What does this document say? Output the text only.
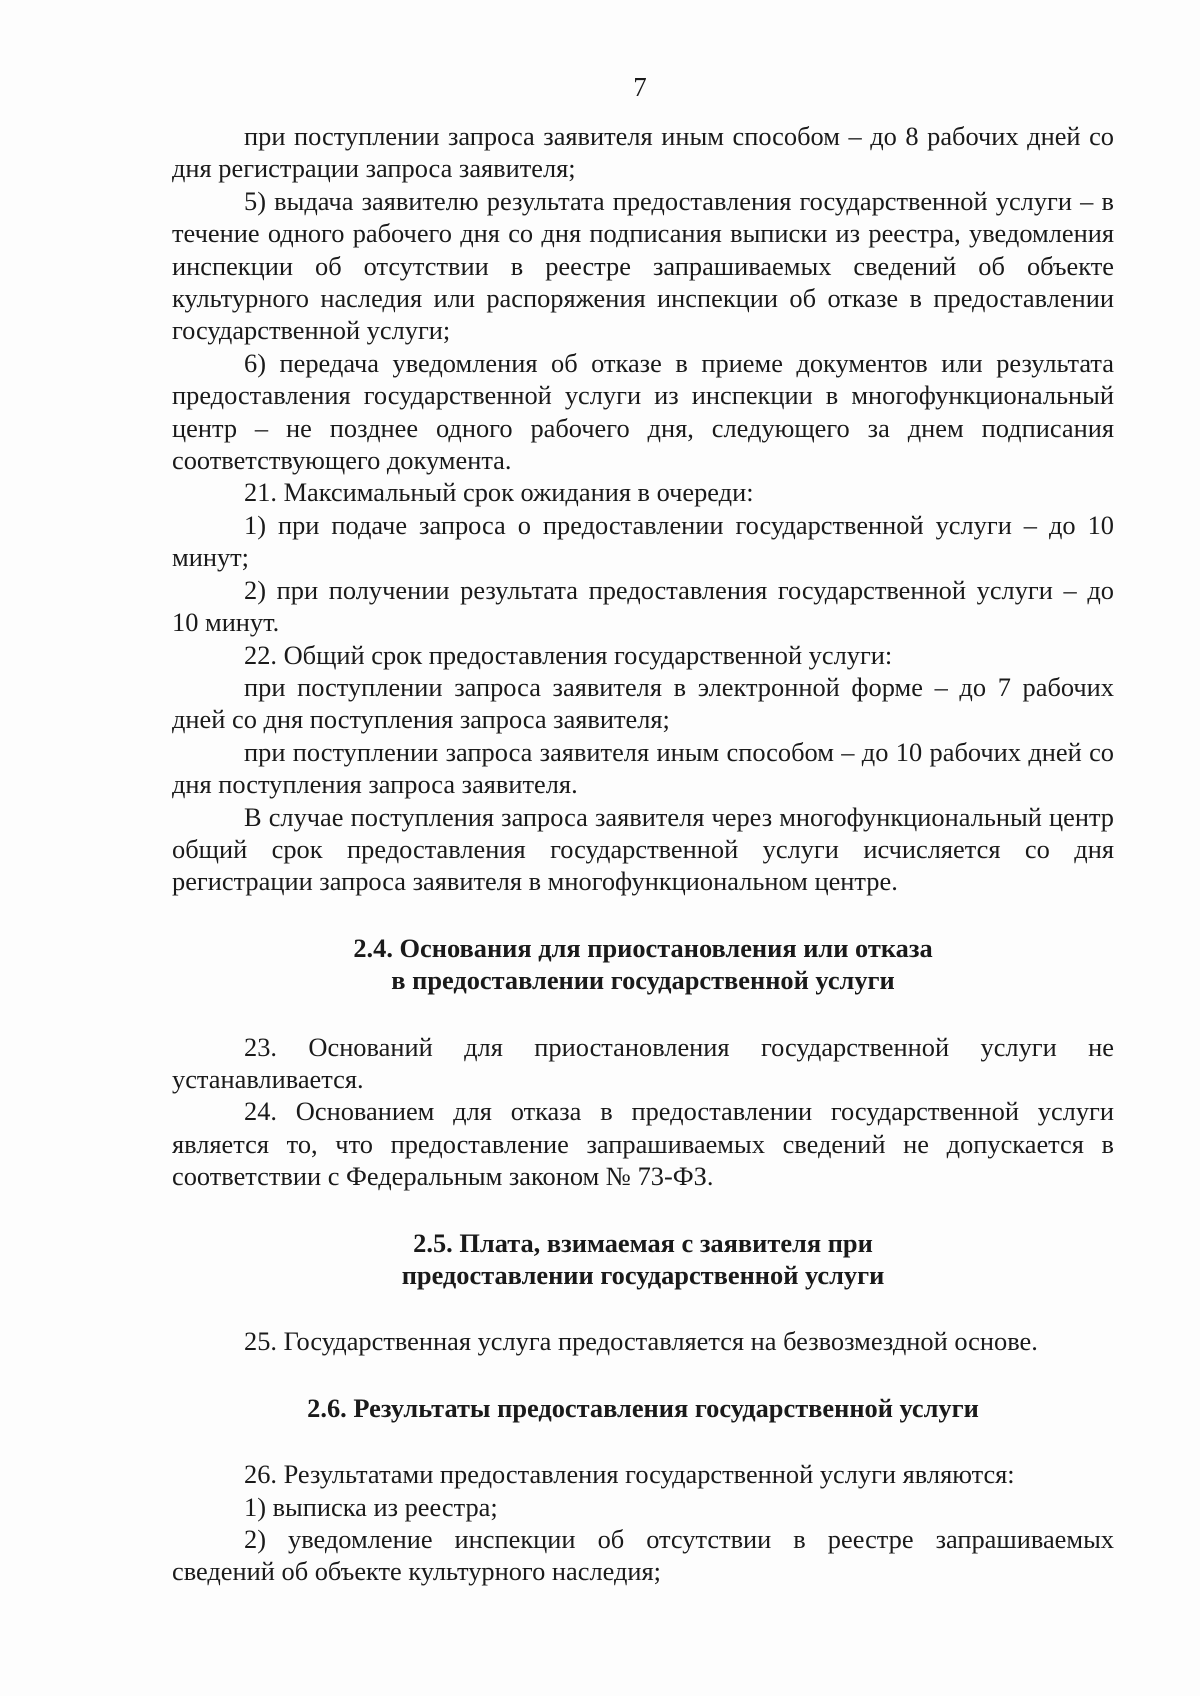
7

при поступлении запроса заявителя иным способом – до 8 рабочих дней со дня регистрации запроса заявителя;

5) выдача заявителю результата предоставления государственной услуги – в течение одного рабочего дня со дня подписания выписки из реестра, уведомления инспекции об отсутствии в реестре запрашиваемых сведений об объекте культурного наследия или распоряжения инспекции об отказе в предоставлении государственной услуги;

6) передача уведомления об отказе в приеме документов или результата предоставления государственной услуги из инспекции в многофункциональный центр – не позднее одного рабочего дня, следующего за днем подписания соответствующего документа.

21. Максимальный срок ожидания в очереди:

1) при подаче запроса о предоставлении государственной услуги – до 10 минут;

2) при получении результата предоставления государственной услуги – до 10 минут.

22. Общий срок предоставления государственной услуги:

при поступлении запроса заявителя в электронной форме – до 7 рабочих дней со дня поступления запроса заявителя;

при поступлении запроса заявителя иным способом – до 10 рабочих дней со дня поступления запроса заявителя.

В случае поступления запроса заявителя через многофункциональный центр общий срок предоставления государственной услуги исчисляется со дня регистрации запроса заявителя в многофункциональном центре.

2.4. Основания для приостановления или отказа

в предоставлении государственной услуги

23. Оснований для приостановления государственной услуги не устанавливается.

24. Основанием для отказа в предоставлении государственной услуги является то, что предоставление запрашиваемых сведений не допускается в соответствии с Федеральным законом № 73-ФЗ.

2.5. Плата, взимаемая с заявителя при

предоставлении государственной услуги

25. Государственная услуга предоставляется на безвозмездной основе.

2.6. Результаты предоставления государственной услуги

26. Результатами предоставления государственной услуги являются:

1) выписка из реестра;

2) уведомление инспекции об отсутствии в реестре запрашиваемых сведений об объекте культурного наследия;
